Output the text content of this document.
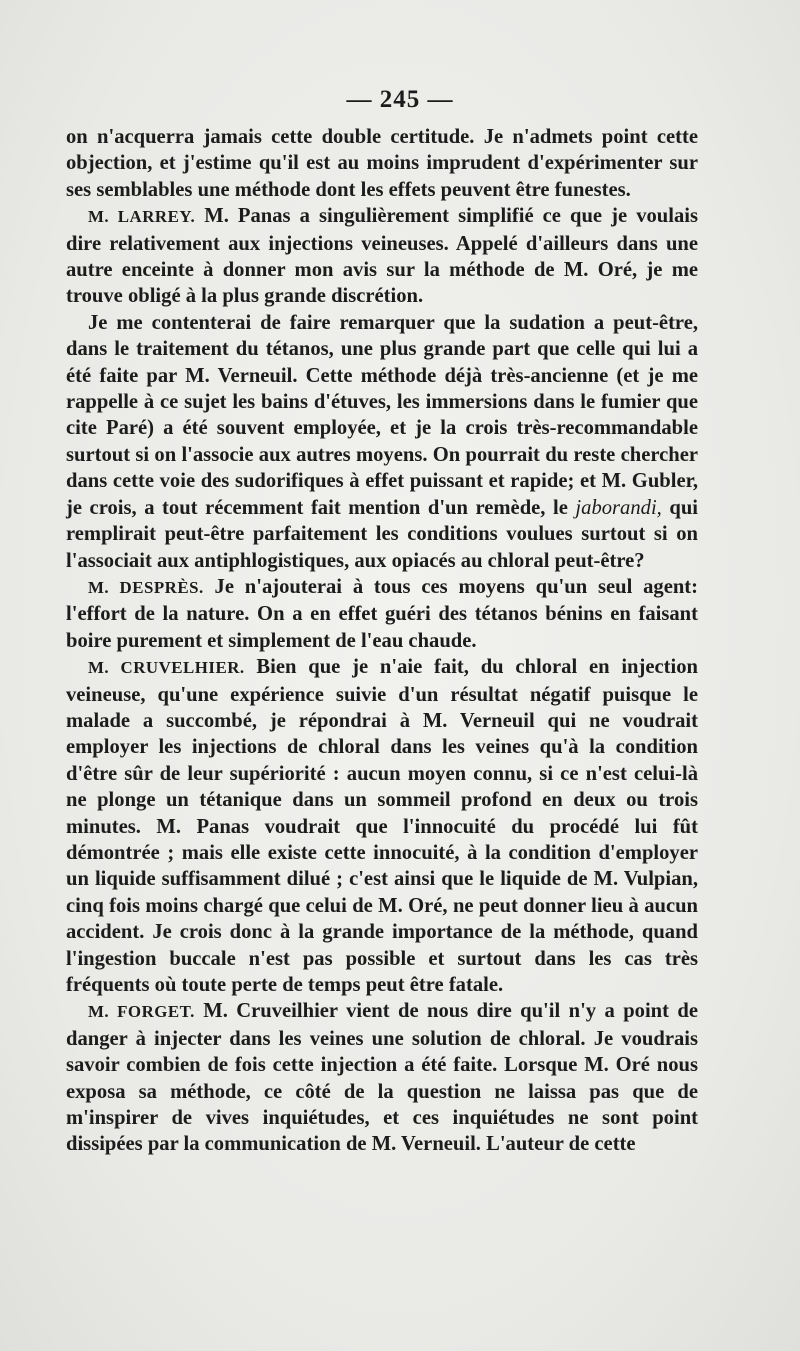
— 245 —

on n'acquerra jamais cette double certitude. Je n'admets point cette objection, et j'estime qu'il est au moins imprudent d'expérimenter sur ses semblables une méthode dont les effets peuvent être funestes.

M. LARREY. M. Panas a singulièrement simplifié ce que je voulais dire relativement aux injections veineuses. Appelé d'ailleurs dans une autre enceinte à donner mon avis sur la méthode de M. Oré, je me trouve obligé à la plus grande discrétion.

Je me contenterai de faire remarquer que la sudation a peut-être, dans le traitement du tétanos, une plus grande part que celle qui lui a été faite par M. Verneuil. Cette méthode déjà très-ancienne (et je me rappelle à ce sujet les bains d'étuves, les immersions dans le fumier que cite Paré) a été souvent employée, et je la crois très-recommandable surtout si on l'associe aux autres moyens. On pourrait du reste chercher dans cette voie des sudorifiques à effet puissant et rapide; et M. Gubler, je crois, a tout récemment fait mention d'un remède, le jaborandi, qui remplirait peut-être parfaitement les conditions voulues surtout si on l'associait aux antiphlogistiques, aux opiacés au chloral peut-être?

M. DESPRÈS. Je n'ajouterai à tous ces moyens qu'un seul agent: l'effort de la nature. On a en effet guéri des tétanos bénins en faisant boire purement et simplement de l'eau chaude.

M. CRUVELHIER. Bien que je n'aie fait, du chloral en injection veineuse, qu'une expérience suivie d'un résultat négatif puisque le malade a succombé, je répondrai à M. Verneuil qui ne voudrait employer les injections de chloral dans les veines qu'à la condition d'être sûr de leur supériorité : aucun moyen connu, si ce n'est celui-là ne plonge un tétanique dans un sommeil profond en deux ou trois minutes. M. Panas voudrait que l'innocuité du procédé lui fût démontrée ; mais elle existe cette innocuité, à la condition d'employer un liquide suffisamment dilué ; c'est ainsi que le liquide de M. Vulpian, cinq fois moins chargé que celui de M. Oré, ne peut donner lieu à aucun accident. Je crois donc à la grande importance de la méthode, quand l'ingestion buccale n'est pas possible et surtout dans les cas très fréquents où toute perte de temps peut être fatale.

M. FORGET. M. Cruveilhier vient de nous dire qu'il n'y a point de danger à injecter dans les veines une solution de chloral. Je voudrais savoir combien de fois cette injection a été faite. Lorsque M. Oré nous exposa sa méthode, ce côté de la question ne laissa pas que de m'inspirer de vives inquiétudes, et ces inquiétudes ne sont point dissipées par la communication de M. Verneuil. L'auteur de cette
